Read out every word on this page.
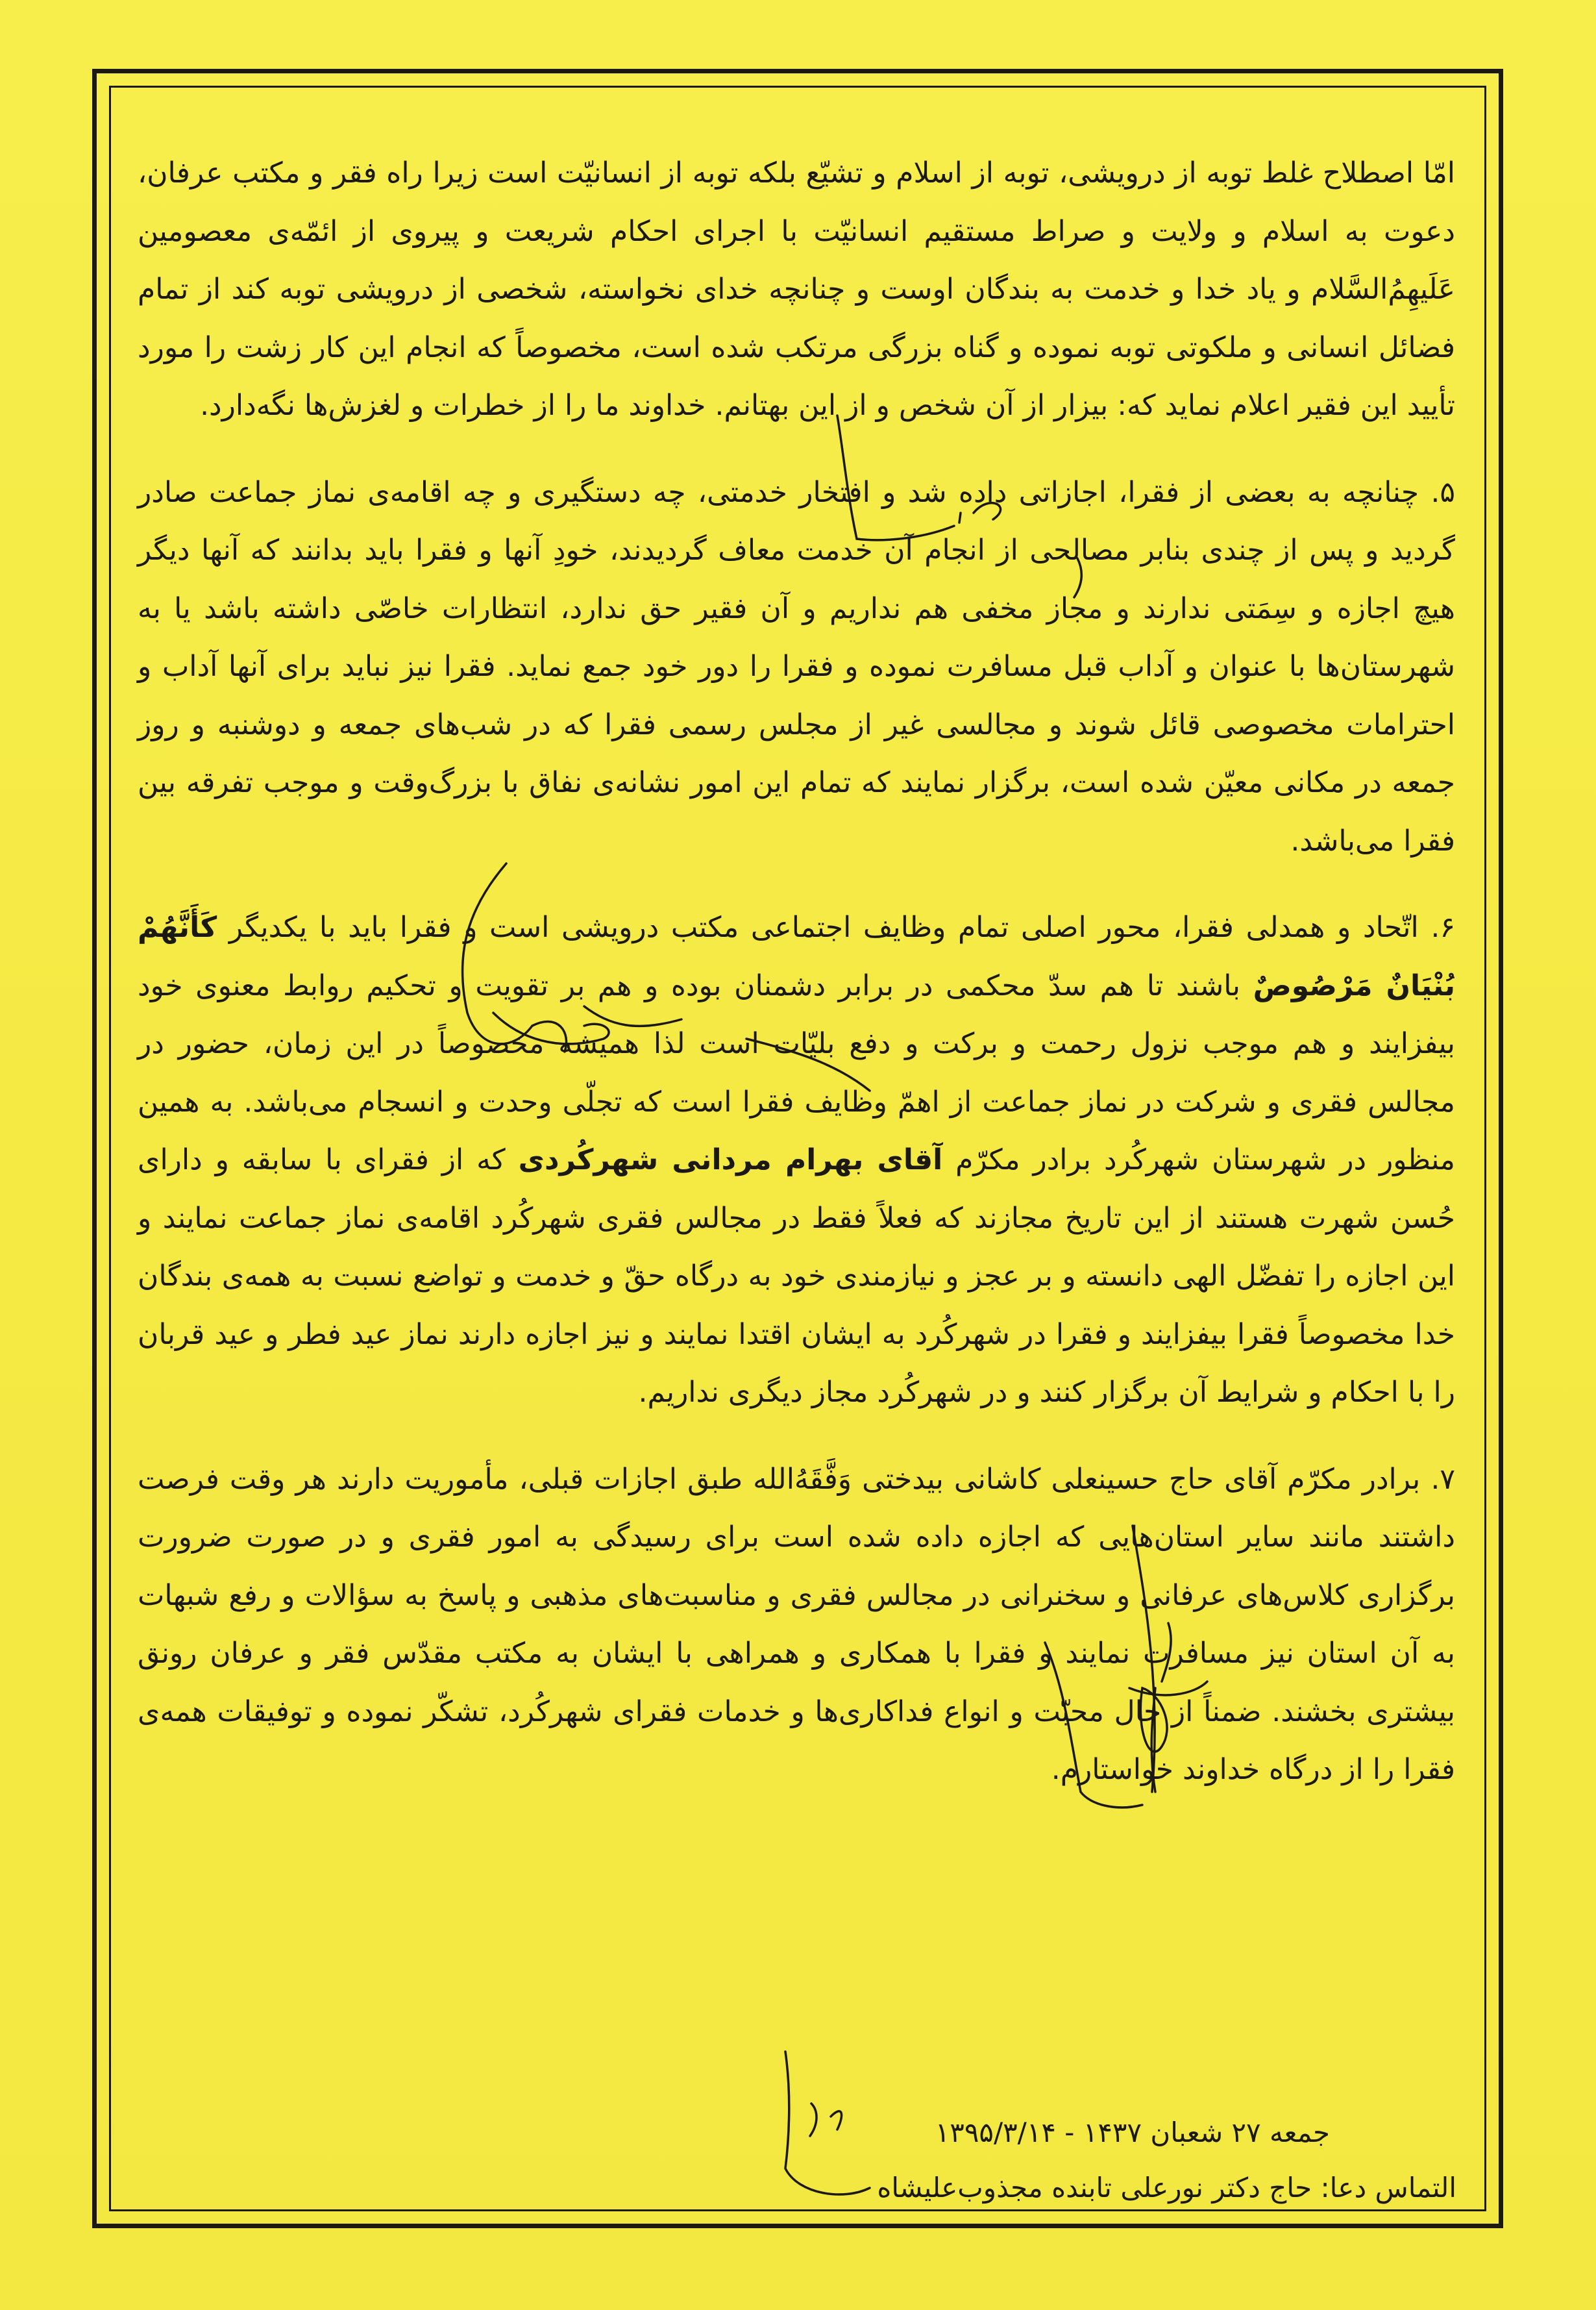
امّا اصطلاح غلط توبه از درویشی، توبه از اسلام و تشیّع بلکه توبه از انسانیّت است زیرا راه فقر و مکتب عرفان، دعوت به اسلام و ولایت و صراط مستقیم انسانیّت با اجرای احکام شریعت و پیروی از ائمّه‌ی معصومین عَلَیهِمُ‌السَّلام و یاد خدا و خدمت به بندگان اوست و چنانچه خدای نخواسته، شخصی از درویشی توبه کند از تمام فضائل انسانی و ملکوتی توبه نموده و گناه بزرگی مرتکب شده است، مخصوصاً که انجام این کار زشت را مورد تأیید این فقیر اعلام نماید که: بیزار از آن شخص و از این بهتانم. خداوند ما را از خطرات و لغزش‌ها نگه‌دارد.

۵. چنانچه به بعضی از فقرا، اجازاتی داده شد و افتخار خدمتی، چه دستگیری و چه اقامه‌ی نماز جماعت صادر گردید و پس از چندی بنابر مصالحی از انجام آن خدمت معاف گردیدند، خودِ آنها و فقرا باید بدانند که آنها دیگر هیچ اجازه و سِمَتی ندارند و مجاز مخفی هم نداریم و آن فقیر حق ندارد، انتظارات خاصّی داشته باشد یا به شهرستان‌ها با عنوان و آداب قبل مسافرت نموده و فقرا را دور خود جمع نماید. فقرا نیز نباید برای آنها آداب و احترامات مخصوصی قائل شوند و مجالسی غیر از مجلس رسمی فقرا که در شب‌های جمعه و دوشنبه و روز جمعه در مکانی معیّن شده است، برگزار نمایند که تمام این امور نشانه‌ی نفاق با بزرگ‌وقت و موجب تفرقه بین فقرا می‌باشد.

۶. اتّحاد و همدلی فقرا، محور اصلی تمام وظایف اجتماعی مکتب درویشی است و فقرا باید با یکدیگر كَأَنَّهُمْ بُنْيَانٌ مَرْصُوصٌ باشند تا هم سدّ محکمی در برابر دشمنان بوده و هم بر تقویت و تحکیم روابط معنوی خود بیفزایند و هم موجب نزول رحمت و برکت و دفع بلیّات است لذا همیشه مخصوصاً در این زمان، حضور در مجالس فقری و شرکت در نماز جماعت از اهمّ وظایف فقرا است که تجلّی وحدت و انسجام می‌باشد. به همین منظور در شهرستان شهرکُرد برادر مکرّم آقای بهرام مردانی شهرکُردی که از فقرای با سابقه و دارای حُسن شهرت هستند از این تاریخ مجازند که فعلاً فقط در مجالس فقری شهرکُرد اقامه‌ی نماز جماعت نمایند و این اجازه را تفضّل الهی دانسته و بر عجز و نیازمندی خود به درگاه حقّ و خدمت و تواضع نسبت به همه‌ی بندگان خدا مخصوصاً فقرا بیفزایند و فقرا در شهرکُرد به ایشان اقتدا نمایند و نیز اجازه دارند نماز عید فطر و عید قربان را با احکام و شرایط آن برگزار کنند و در شهرکُرد مجاز دیگری نداریم.

۷. برادر مکرّم آقای حاج حسینعلی کاشانی بیدختی وَفَّقَهُ‌الله طبق اجازات قبلی، مأموریت دارند هر وقت فرصت داشتند مانند سایر استان‌هایی که اجازه داده شده است برای رسیدگی به امور فقری و در صورت ضرورت برگزاری کلاس‌های عرفانی و سخنرانی در مجالس فقری و مناسبت‌های مذهبی و پاسخ به سؤالات و رفع شبهات به آن استان نیز مسافرت نمایند و فقرا با همکاری و همراهی با ایشان به مکتب مقدّس فقر و عرفان رونق بیشتری بخشند. ضمناً از حال محبّت و انواع فداکاری‌ها و خدمات فقرای شهرکُرد، تشکّر نموده و توفیقات همه‌ی فقرا را از درگاه خداوند خواستارم.

جمعه ۲۷ شعبان ۱۴۳۷ - ۱۳۹۵/۳/۱۴
التماس دعا: حاج دکتر نورعلی تابنده مجذوب‌علیشاه
